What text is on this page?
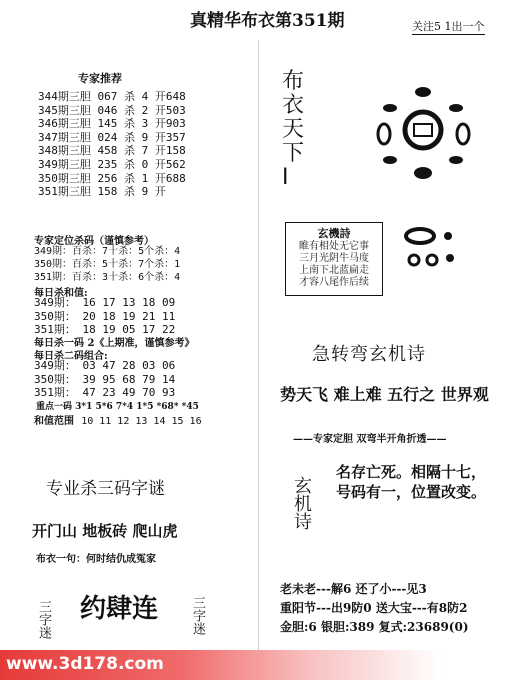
真精华布衣第351期	关注5 1出一个
专家推荐
344期三胆 067 杀 4 开648
345期三胆 046 杀 2 开503
346期三胆 145 杀 3 开903
347期三胆 024 杀 9 开357
348期三胆 458 杀 7 开158
349期三胆 235 杀 0 开562
350期三胆 256 杀 1 开688
351期三胆 158 杀 9 开
专家定位杀码（谨慎参考）
349期：百杀：7十杀：5个杀：4
350期：百杀：5十杀：7个杀：1
351期：百杀：3十杀：6个杀：4
每日杀和值:
349期： 16 17 13 18 09
350期： 20 18 19 21 11
351期： 18 19 05 17 22
每日杀一码 2《上期准，谨慎参考》
每日杀二码组合:
349期： 03 47 28 03 06
350期： 39 95 68 79 14
351期： 47 23 49 70 93
重点一码 3*1 5*6 7*4 1*5 *68* *45
和值范围 10 11 12 13 14 15 16
专业杀三码字谜
开门山 地板砖 爬山虎
布衣一句：何时结仇成冤家
三字迷 约肆连 三字迷
布
衣
天
下
I
玄機詩
睢有相处无它事
三月光阴牛马度
上南下北蓝扁走
才容八尾作后续
急转弯玄机诗
势天飞 难上难 五行之 世界观
——专家定胆 双弯半开角折透——
玄机诗
名存亡死。相隔十七，
号码有一，位置改变。
老未老---解6 还了小---见3
重阳节---出9防0 送大宝---有8防2
金胆:6 银胆:389 复式:23689(0)
www.3d178.com
